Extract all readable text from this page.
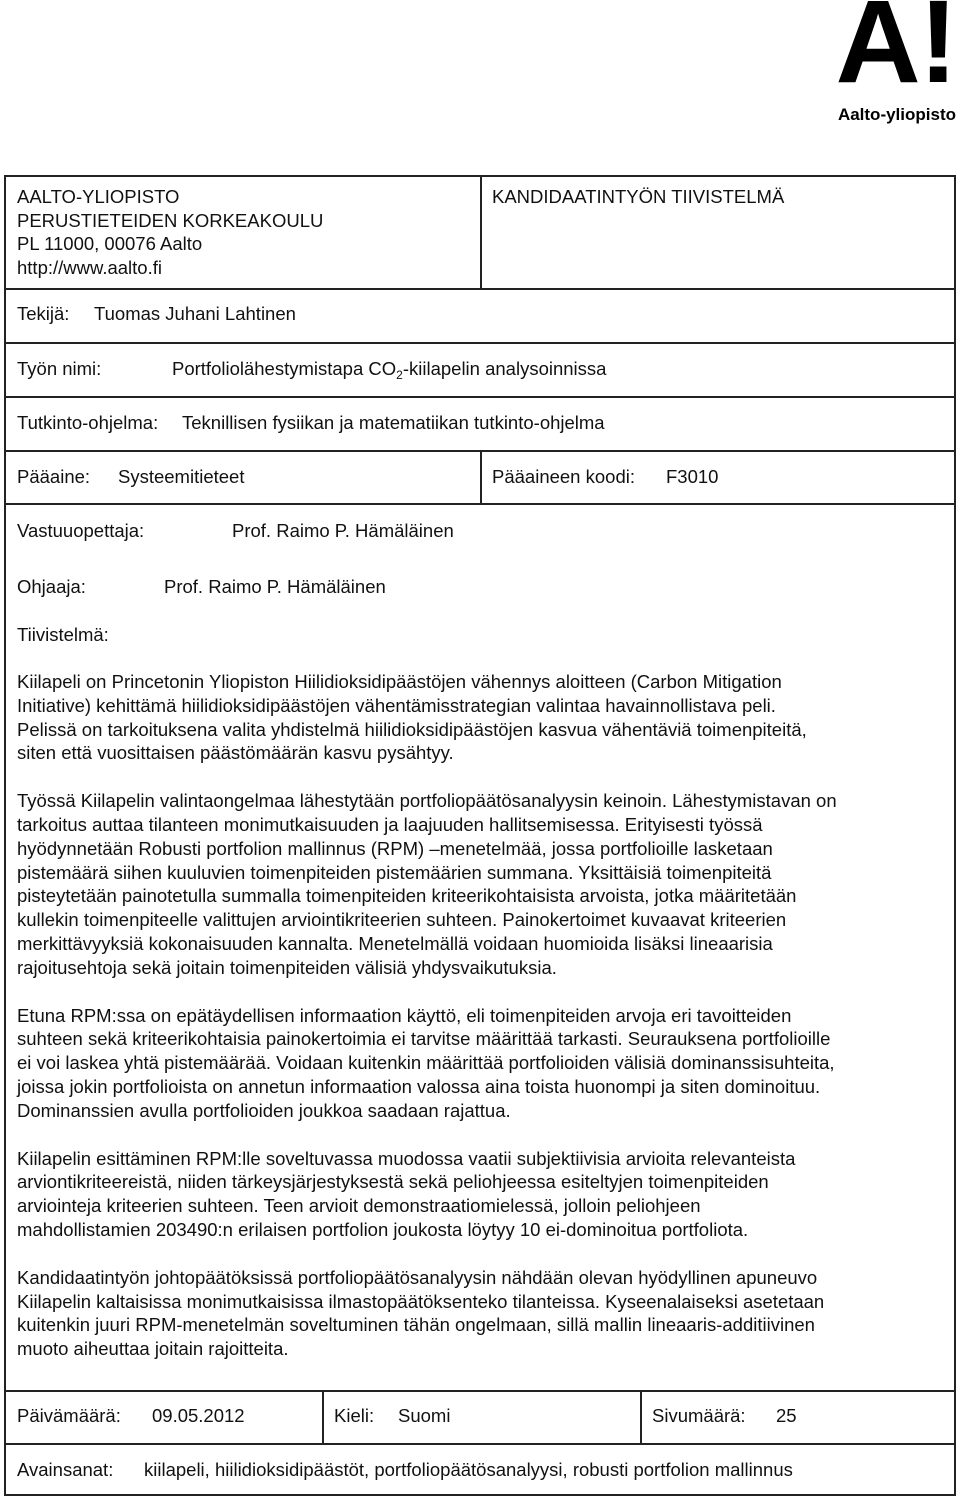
A!
Aalto-yliopisto
AALTO-YLIOPISTO
PERUSTIETEIDEN KORKEAKOULU
PL 11000, 00076 Aalto
http://www.aalto.fi
KANDIDAATINTYÖN TIIVISTELMÄ
Tekijä: Tuomas Juhani Lahtinen
Työn nimi:	Portfoliolähestymistapa $CO_2$-kiilapelin analysoinnissa
Tutkinto-ohjelma: Teknillisen fysiikan ja matematiikan tutkinto-ohjelma
Pääaine: Systeemitieteet	Pääaineen koodi: F3010
Vastuuopettaja:	Prof. Raimo P. Hämäläinen
Ohjaaja:	Prof. Raimo P. Hämäläinen
Tiivistelmä:

Kiilapeli on Princetonin Yliopiston Hiilidioksidipäästöjen vähennys aloitteen (Carbon Mitigation
Initiative) kehittämä hiilidioksidipäästöjen vähentämisstrategian valintaa havainnollistava peli.
Pelissä on tarkoituksena valita yhdistelmä hiilidioksidipäästöjen kasvua vähentäviä toimenpiteitä,
siten että vuosittaisen päästömäärän kasvu pysähtyy.

Työssä Kiilapelin valintaongelmaa lähestytään portfoliopäätösanalyysin keinoin. Lähestymistavan on
tarkoitus auttaa tilanteen monimutkaisuuden ja laajuuden hallitsemisessa. Erityisesti työssä
hyödynnetään Robusti portfolion mallinnus (RPM) –menetelmää, jossa portfolioille lasketaan
pistemäärä siihen kuuluvien toimenpiteiden pistemäärien summana. Yksittäisiä toimenpiteitä
pisteytetään painotetulla summalla toimenpiteiden kriteerikohtaisista arvoista, jotka määritetään
kullekin toimenpiteelle valittujen arviointikriteerien suhteen. Painokertoimet kuvaavat kriteerien
merkittävyyksiä kokonaisuuden kannalta. Menetelmällä voidaan huomioida lisäksi lineaarisia
rajoitusehtoja sekä joitain toimenpiteiden välisiä yhdysvaikutuksia.

Etuna RPM:ssa on epätäydellisen informaation käyttö, eli toimenpiteiden arvoja eri tavoitteiden
suhteen sekä kriteerikohtaisia painokertoimia ei tarvitse määrittää tarkasti. Seurauksena portfolioille
ei voi laskea yhtä pistemäärää. Voidaan kuitenkin määrittää portfolioiden välisiä dominanssisuhteita,
joissa jokin portfolioista on annetun informaation valossa aina toista huonompi ja siten dominoituu.
Dominanssien avulla portfolioiden joukkoa saadaan rajattua.

Kiilapelin esittäminen RPM:lle soveltuvassa muodossa vaatii subjektiivisia arvioita relevanteista
arviontikriteereistä, niiden tärkeysjärjestyksestä sekä peliohjeessa esiteltyjen toimenpiteiden
arviointeja kriteerien suhteen. Teen arvioit demonstraatiomielessä, jolloin peliohjeen
mahdollistamien 203490:n erilaisen portfolion joukosta löytyy 10 ei-dominoitua portfoliota.

Kandidaatintyön johtopäätöksissä portfoliopäätösanalyysin nähdään olevan hyödyllinen apuneuvo
Kiilapelin kaltaisissa monimutkaisissa ilmastopäätöksenteko tilanteissa. Kyseenalaiseksi asetetaan
kuitenkin juuri RPM-menetelmän soveltuminen tähän ongelmaan, sillä mallin lineaaris-additiivinen
muoto aiheuttaa joitain rajoitteita.

Päivämäärä: 09.05.2012	Kieli: Suomi	Sivumäärä: 25
Avainsanat: kiilapeli, hiilidioksidipäästöt, portfoliopäätösanalyysi, robusti portfolion mallinnus
